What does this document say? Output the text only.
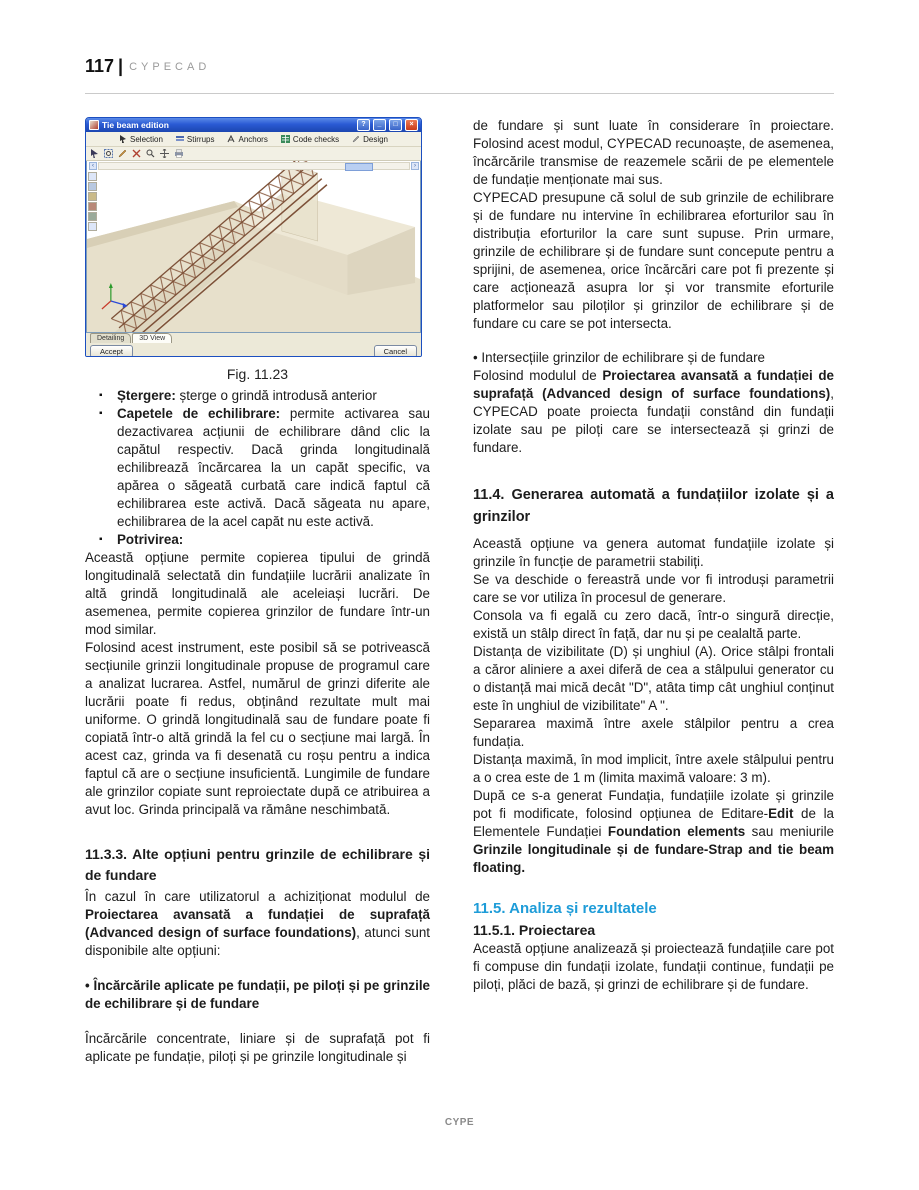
117 | CYPECAD
Tie beam edition	?	_	□	×
Selection	Stirrups	Anchors	Code checks	Design
‹	›
Detailing	3D View
Accept	Cancel
Fig. 11.23

▪ Ștergere: șterge o grindă introdusă anterior

▪ Capetele de echilibrare: permite activarea sau dezactivarea acțiunii de echilibrare dând clic la capătul respectiv. Dacă grinda longitudinală echilibrează încărcarea la un capăt specific, va apărea o săgeată curbată care indică faptul că echilibrarea este activă. Dacă săgeata nu apare, echilibrarea de la acel capăt nu este activă.

▪ Potrivirea:

Această opțiune permite copierea tipului de grindă longitudinală selectată din fundațiile lucrării analizate în altă grindă longitudinală ale aceleiași lucrări. De asemenea, permite copierea grinzilor de fundare într-un mod similar.

Folosind acest instrument, este posibil să se potrivească secțiunile grinzii longitudinale propuse de programul care a analizat lucrarea. Astfel, numărul de grinzi diferite ale lucrării poate fi redus, obținând rezultate mult mai uniforme. O grindă longitudinală sau de fundare poate fi copiată într-o altă grindă la fel cu o secțiune mai largă. În acest caz, grinda va fi desenată cu roșu pentru a indica faptul că are o secțiune insuficientă. Lungimile de fundare ale grinzilor copiate sunt reproiectate după ce atribuirea a avut loc. Grinda principală va rămâne neschimbată.

11.3.3. Alte opțiuni pentru grinzile de echilibrare și de fundare

În cazul în care utilizatorul a achiziționat modulul de Proiectarea avansată a fundației de suprafață (Advanced design of surface foundations), atunci sunt disponibile alte opțiuni:

• Încărcările aplicate pe fundații, pe piloți și pe grinzile de echilibrare și de fundare

Încărcările concentrate, liniare și de suprafață pot fi aplicate pe fundație, piloți și pe grinzile longitudinale și

de fundare și sunt luate în considerare în proiectare. Folosind acest modul, CYPECAD recunoaște, de asemenea, încărcările transmise de reazemele scării de pe elementele de fundație menționate mai sus.

CYPECAD presupune că solul de sub grinzile de echilibrare și de fundare nu intervine în echilibrarea eforturilor sau în distribuția eforturilor la care sunt supuse. Prin urmare, grinzile de echilibrare și de fundare sunt concepute pentru a sprijini, de asemenea, orice încărcări care pot fi prezente și care acționează asupra lor și vor transmite eforturile platformelor sau piloților și grinzilor de echilibrare și de fundare cu care se pot intersecta.

• Intersecțiile grinzilor de echilibrare și de fundare

Folosind modulul de Proiectarea avansată a fundației de suprafață (Advanced design of surface foundations), CYPECAD poate proiecta fundații constând din fundații izolate sau pe piloți care se intersectează și grinzi de fundare.

11.4. Generarea automată a fundațiilor izolate și a grinzilor

Această opțiune va genera automat fundațiile izolate și grinzile în funcție de parametrii stabiliți.

Se va deschide o fereastră unde vor fi introduși parametrii care se vor utiliza în procesul de generare.

Consola va fi egală cu zero dacă, într-o singură direcție, există un stâlp direct în față, dar nu și pe cealaltă parte.

Distanța de vizibilitate (D) și unghiul (A). Orice stâlpi frontali a căror aliniere a axei diferă de cea a stâlpului generator cu o distanță mai mică decât "D", atâta timp cât unghiul conținut este în unghiul de vizibilitate" A ".

Separarea maximă între axele stâlpilor pentru a crea fundația.

Distanța maximă, în mod implicit, între axele stâlpului pentru a o crea este de 1 m (limita maximă valoare: 3 m).

După ce s-a generat Fundația, fundațiile izolate și grinzile pot fi modificate, folosind opțiunea de Editare-Edit de la Elementele Fundației Foundation elements sau meniurile Grinzile longitudinale și de fundare-Strap and tie beam floating.

11.5. Analiza și rezultatele

11.5.1. Proiectarea

Această opțiune analizează și proiectează fundațiile care pot fi compuse din fundații izolate, fundații continue, fundații pe piloți, plăci de bază, și grinzi de echilibrare și de fundare.

CYPE
